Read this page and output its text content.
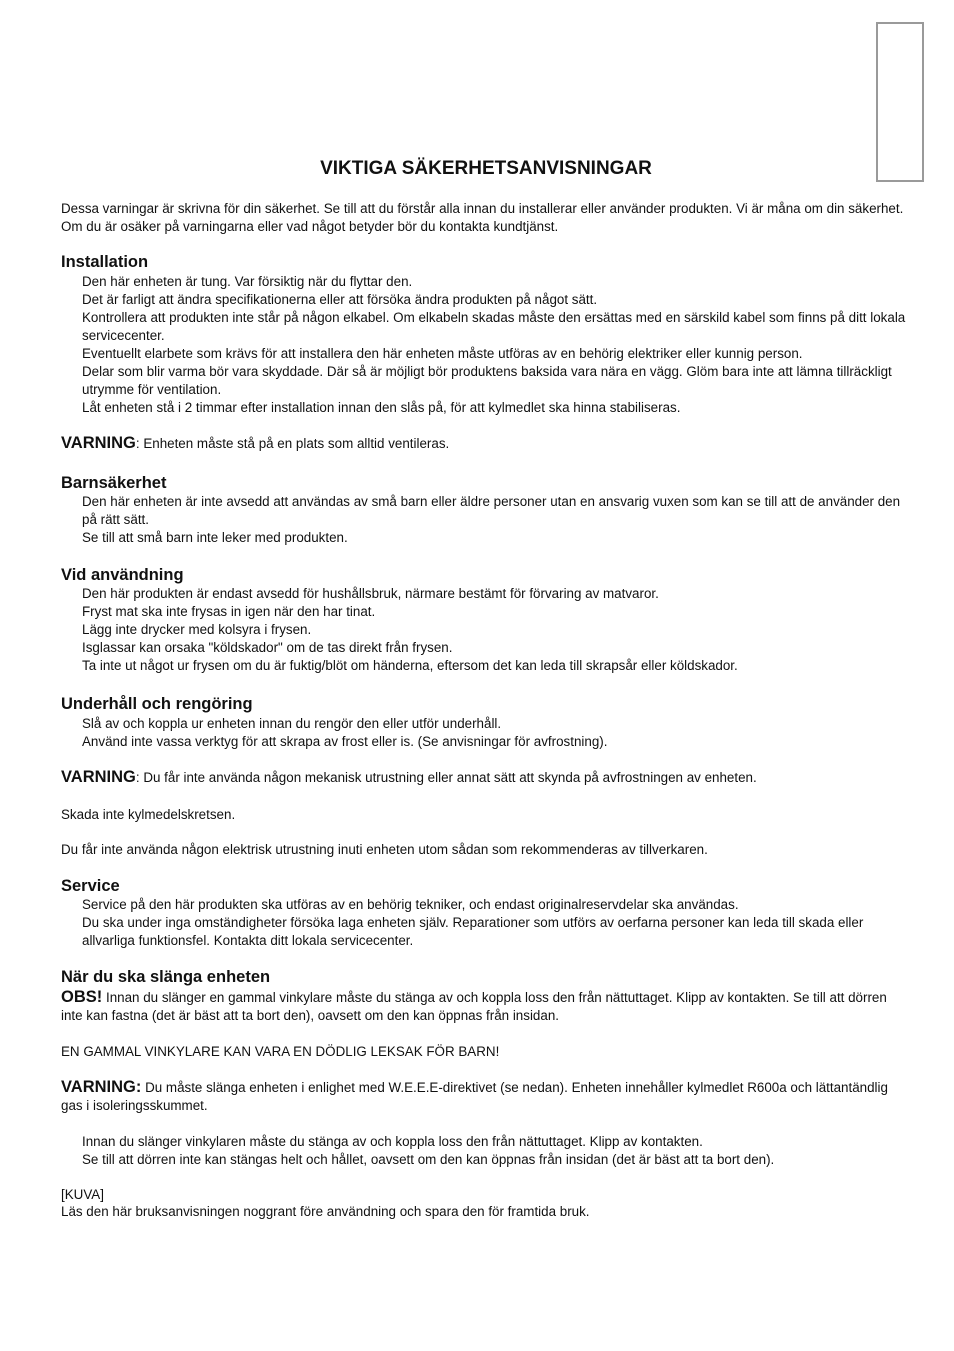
VIKTIGA SÄKERHETSANVISNINGAR

Dessa varningar är skrivna för din säkerhet. Se till att du förstår alla innan du installerar eller använder produkten. Vi är måna om din säkerhet. Om du är osäker på varningarna eller vad något betyder bör du kontakta kundtjänst.

Installation

Den här enheten är tung. Var försiktig när du flyttar den.

Det är farligt att ändra specifikationerna eller att försöka ändra produkten på något sätt.

Kontrollera att produkten inte står på någon elkabel. Om elkabeln skadas måste den ersättas med en särskild kabel som finns på ditt lokala servicecenter.

Eventuellt elarbete som krävs för att installera den här enheten måste utföras av en behörig elektriker eller kunnig person.

Delar som blir varma bör vara skyddade. Där så är möjligt bör produktens baksida vara nära en vägg. Glöm bara inte att lämna tillräckligt utrymme för ventilation.

Låt enheten stå i 2 timmar efter installation innan den slås på, för att kylmedlet ska hinna stabiliseras.

VARNING: Enheten måste stå på en plats som alltid ventileras.

Barnsäkerhet

Den här enheten är inte avsedd att användas av små barn eller äldre personer utan en ansvarig vuxen som kan se till att de använder den på rätt sätt.

Se till att små barn inte leker med produkten.

Vid användning

Den här produkten är endast avsedd för hushållsbruk, närmare bestämt för förvaring av matvaror.

Fryst mat ska inte frysas in igen när den har tinat.

Lägg inte drycker med kolsyra i frysen.

Isglassar kan orsaka "köldskador" om de tas direkt från frysen.

Ta inte ut något ur frysen om du är fuktig/blöt om händerna, eftersom det kan leda till skrapsår eller köldskador.

Underhåll och rengöring

Slå av och koppla ur enheten innan du rengör den eller utför underhåll.

Använd inte vassa verktyg för att skrapa av frost eller is. (Se anvisningar för avfrostning).

VARNING: Du får inte använda någon mekanisk utrustning eller annat sätt att skynda på avfrostningen av enheten.

Skada inte kylmedelskretsen.

Du får inte använda någon elektrisk utrustning inuti enheten utom sådan som rekommenderas av tillverkaren.

Service

Service på den här produkten ska utföras av en behörig tekniker, och endast originalreservdelar ska användas.

Du ska under inga omständigheter försöka laga enheten själv. Reparationer som utförs av oerfarna personer kan leda till skada eller allvarliga funktionsfel. Kontakta ditt lokala servicecenter.

När du ska slänga enheten

OBS! Innan du slänger en gammal vinkylare måste du stänga av och koppla loss den från nättuttaget. Klipp av kontakten. Se till att dörren inte kan fastna (det är bäst att ta bort den), oavsett om den kan öppnas från insidan.

EN GAMMAL VINKYLARE KAN VARA EN DÖDLIG LEKSAK FÖR BARN!

VARNING: Du måste slänga enheten i enlighet med W.E.E.E-direktivet (se nedan). Enheten innehåller kylmedlet R600a och lättantändlig gas i isoleringsskummet.

Innan du slänger vinkylaren måste du stänga av och koppla loss den från nättuttaget. Klipp av kontakten.

Se till att dörren inte kan stängas helt och hållet, oavsett om den kan öppnas från insidan (det är bäst att ta bort den).

[KUVA]

Läs den här bruksanvisningen noggrant före användning och spara den för framtida bruk.
